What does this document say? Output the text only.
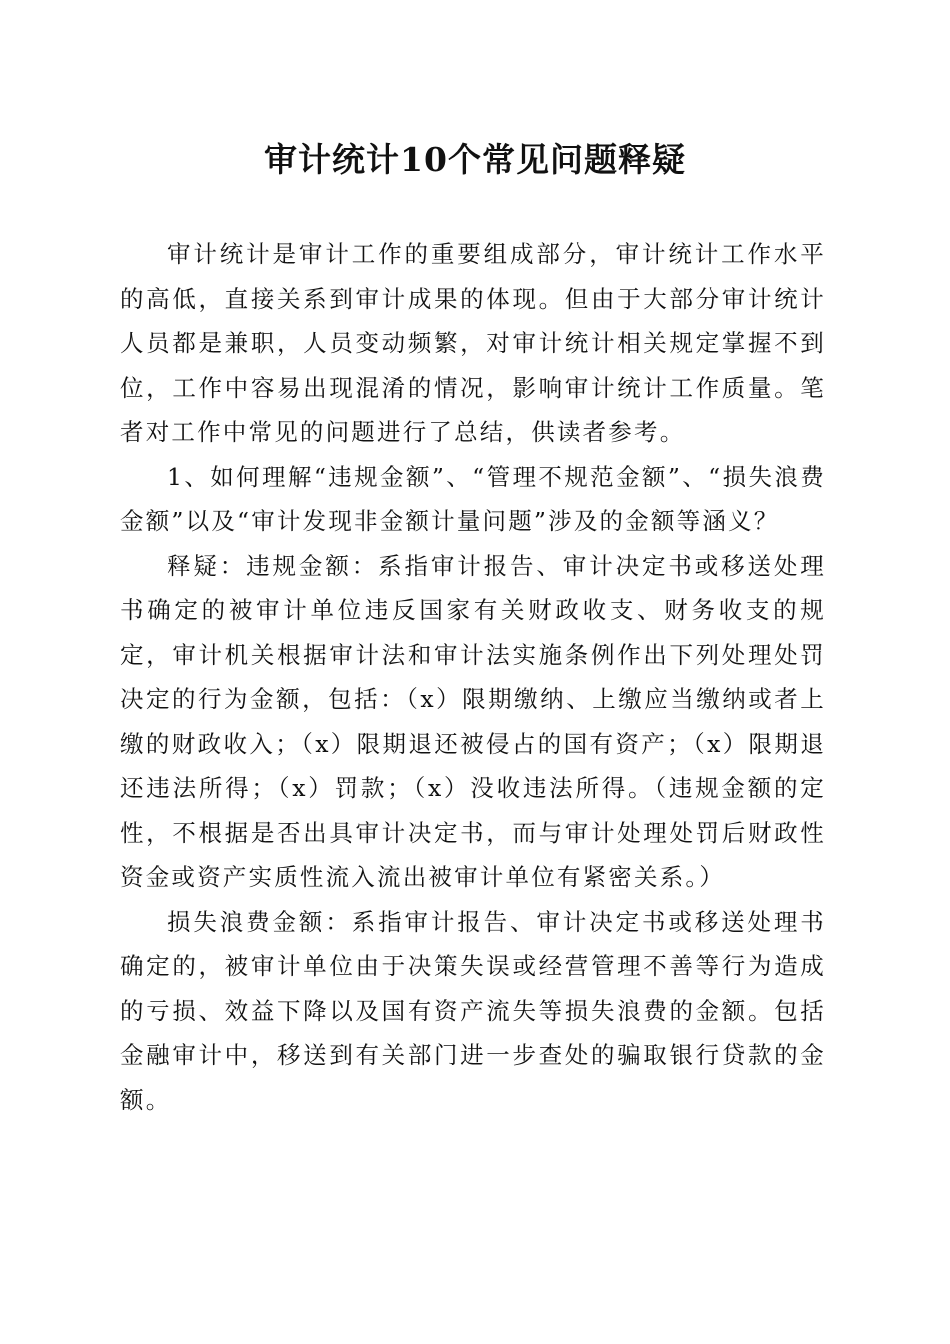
审计统计10个常见问题释疑

审计统计是审计工作的重要组成部分，审计统计工作水平的高低，直接关系到审计成果的体现。但由于大部分审计统计人员都是兼职，人员变动频繁，对审计统计相关规定掌握不到位，工作中容易出现混淆的情况，影响审计统计工作质量。笔者对工作中常见的问题进行了总结，供读者参考。

1、如何理解“违规金额”、“管理不规范金额”、“损失浪费金额”以及“审计发现非金额计量问题”涉及的金额等涵义？

释疑：违规金额：系指审计报告、审计决定书或移送处理书确定的被审计单位违反国家有关财政收支、财务收支的规定，审计机关根据审计法和审计法实施条例作出下列处理处罚决定的行为金额，包括：（x）限期缴纳、上缴应当缴纳或者上缴的财政收入；（x）限期退还被侵占的国有资产；（x）限期退还违法所得；（x）罚款；（x）没收违法所得。（违规金额的定性，不根据是否出具审计决定书，而与审计处理处罚后财政性资金或资产实质性流入流出被审计单位有紧密关系。）

损失浪费金额：系指审计报告、审计决定书或移送处理书确定的，被审计单位由于决策失误或经营管理不善等行为造成的亏损、效益下降以及国有资产流失等损失浪费的金额。包括金融审计中，移送到有关部门进一步查处的骗取银行贷款的金额。
